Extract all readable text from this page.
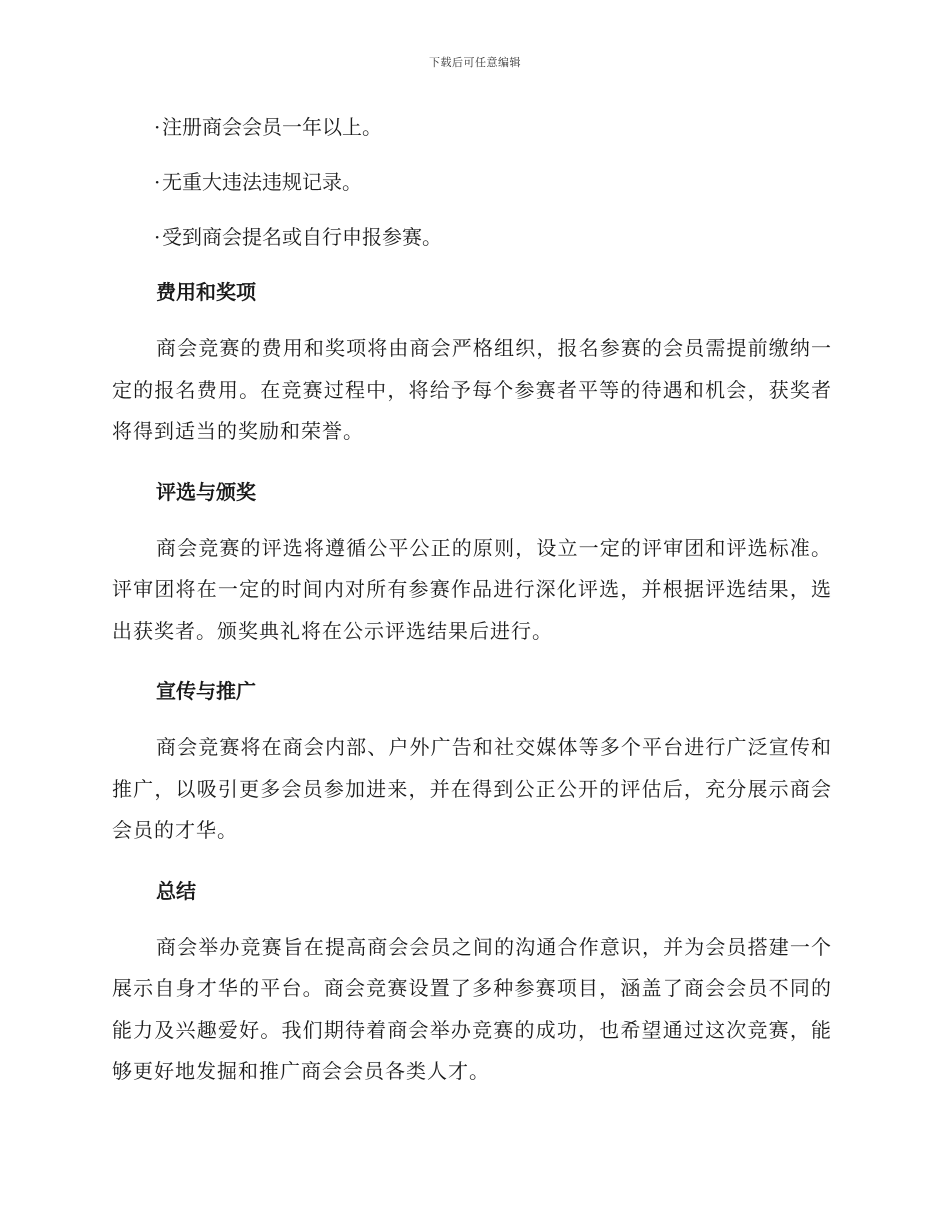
下载后可任意编辑
·注册商会会员一年以上。
·无重大违法违规记录。
·受到商会提名或自行申报参赛。
费用和奖项

商会竞赛的费用和奖项将由商会严格组织，报名参赛的会员需提前缴纳一定的报名费用。在竞赛过程中，将给予每个参赛者平等的待遇和机会，获奖者将得到适当的奖励和荣誉。

评选与颁奖

商会竞赛的评选将遵循公平公正的原则，设立一定的评审团和评选标准。评审团将在一定的时间内对所有参赛作品进行深化评选，并根据评选结果，选出获奖者。颁奖典礼将在公示评选结果后进行。

宣传与推广

商会竞赛将在商会内部、户外广告和社交媒体等多个平台进行广泛宣传和推广，以吸引更多会员参加进来，并在得到公正公开的评估后，充分展示商会会员的才华。

总结

商会举办竞赛旨在提高商会会员之间的沟通合作意识，并为会员搭建一个展示自身才华的平台。商会竞赛设置了多种参赛项目，涵盖了商会会员不同的能力及兴趣爱好。我们期待着商会举办竞赛的成功，也希望通过这次竞赛，能够更好地发掘和推广商会会员各类人才。
